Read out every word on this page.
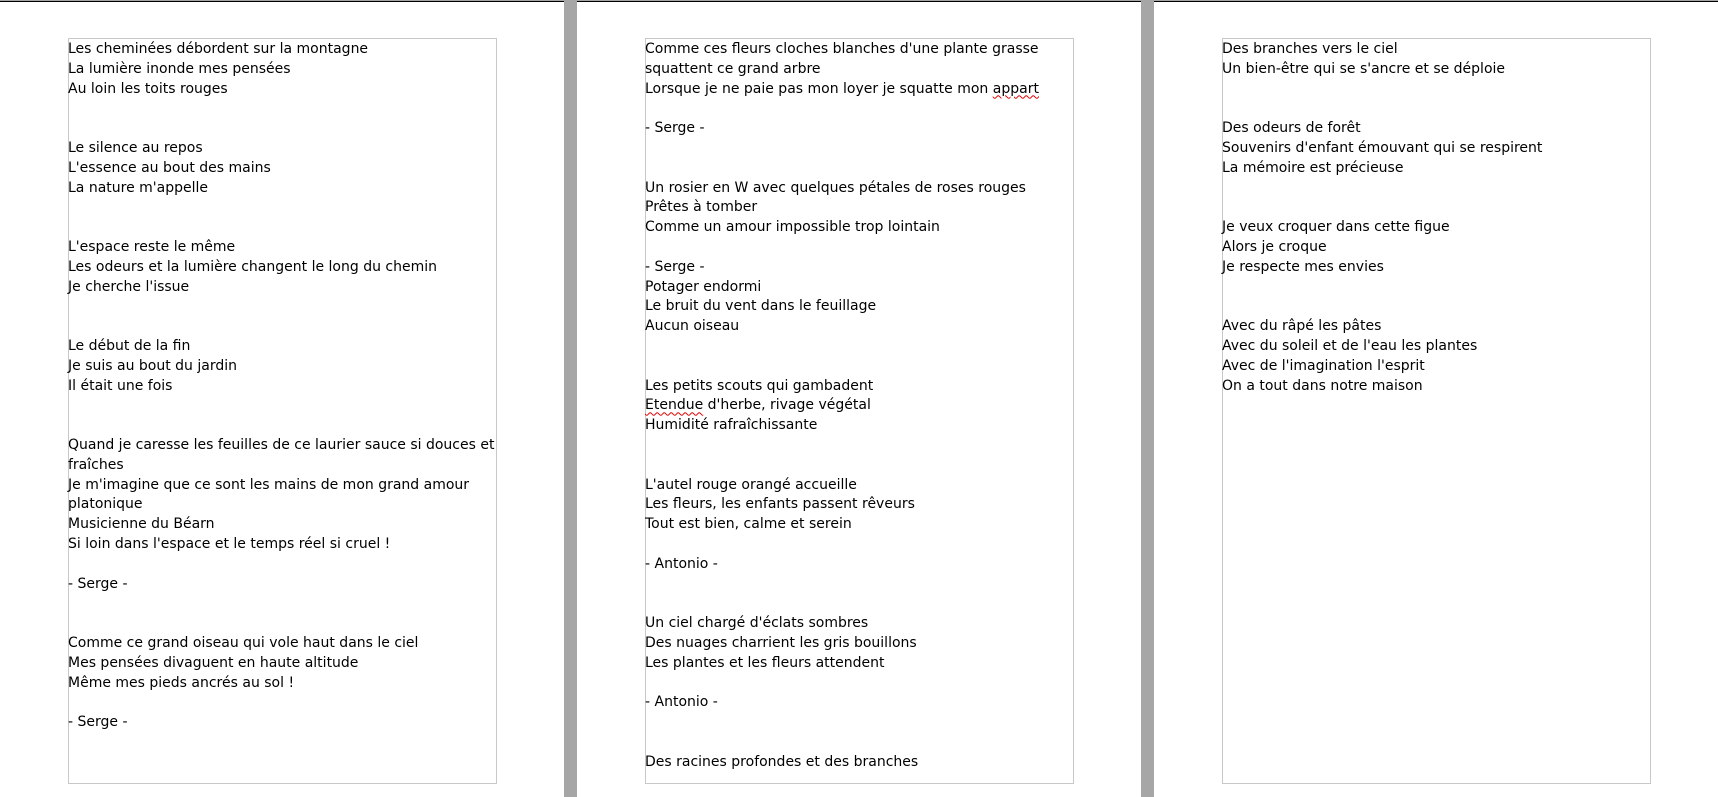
Les cheminées débordent sur la montagne
La lumière inonde mes pensées
Au loin les toits rouges
Le silence au repos
L'essence au bout des mains
La nature m'appelle
L'espace reste le même
Les odeurs et la lumière changent le long du chemin
Je cherche l'issue
Le début de la fin
Je suis au bout du jardin
Il était une fois
Quand je caresse les feuilles de ce laurier sauce si douces et
fraîches
Je m'imagine que ce sont les mains de mon grand amour
platonique
Musicienne du Béarn
Si loin dans l'espace et le temps réel si cruel !
- Serge -
Comme ce grand oiseau qui vole haut dans le ciel
Mes pensées divaguent en haute altitude
Même mes pieds ancrés au sol !
- Serge -
Comme ces fleurs cloches blanches d'une plante grasse
squattent ce grand arbre
Lorsque je ne paie pas mon loyer je squatte mon appart
- Serge -
Un rosier en W avec quelques pétales de roses rouges
Prêtes à tomber
Comme un amour impossible trop lointain
- Serge -
Potager endormi
Le bruit du vent dans le feuillage
Aucun oiseau
Les petits scouts qui gambadent
Etendue d'herbe, rivage végétal
Humidité rafraîchissante
L'autel rouge orangé accueille
Les fleurs, les enfants passent rêveurs
Tout est bien, calme et serein
- Antonio -
Un ciel chargé d'éclats sombres
Des nuages charrient les gris bouillons
Les plantes et les fleurs attendent
- Antonio -
Des racines profondes et des branches
Des branches vers le ciel
Un bien-être qui se s'ancre et se déploie
Des odeurs de forêt
Souvenirs d'enfant émouvant qui se respirent
La mémoire est précieuse
Je veux croquer dans cette figue
Alors je croque
Je respecte mes envies
Avec du râpé les pâtes
Avec du soleil et de l'eau les plantes
Avec de l'imagination l'esprit
On a tout dans notre maison
